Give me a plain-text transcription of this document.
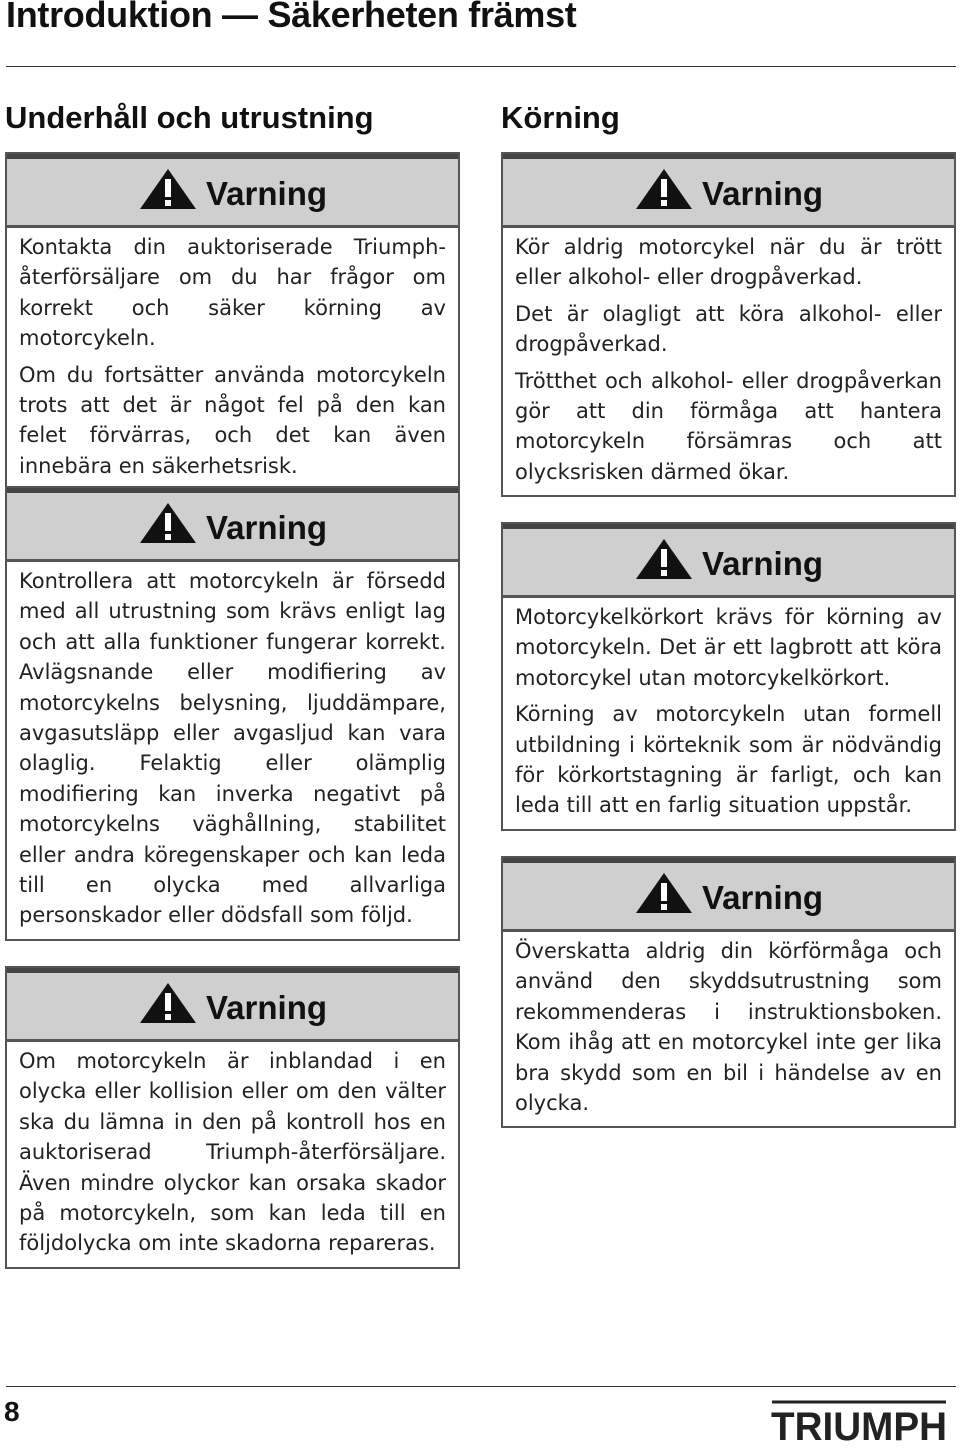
Introduktion — Säkerheten främst
Underhåll och utrustning
Varning

Kontakta din auktoriserade Triumph-återförsäljare om du har frågor om korrekt och säker körning av motorcykeln.

Om du fortsätter använda motorcykeln trots att det är något fel på den kan felet förvärras, och det kan även innebära en säkerhetsrisk.

Varning

Kontrollera att motorcykeln är försedd med all utrustning som krävs enligt lag och att alla funktioner fungerar korrekt. Avlägsnande eller modifiering av motorcykelns belysning, ljuddämpare, avgasutsläpp eller avgasljud kan vara olaglig. Felaktig eller olämplig modifiering kan inverka negativt på motorcykelns väghållning, stabilitet eller andra köregenskaper och kan leda till en olycka med allvarliga personskador eller dödsfall som följd.

Varning

Om motorcykeln är inblandad i en olycka eller kollision eller om den välter ska du lämna in den på kontroll hos en auktoriserad Triumph-återförsäljare. Även mindre olyckor kan orsaka skador på motorcykeln, som kan leda till en följdolycka om inte skadorna repareras.

Körning
Varning

Kör aldrig motorcykel när du är trött eller alkohol- eller drogpåverkad.

Det är olagligt att köra alkohol- eller drogpåverkad.

Trötthet och alkohol- eller drogpåverkan gör att din förmåga att hantera motorcykeln försämras och att olycksrisken därmed ökar.

Varning

Motorcykelkörkort krävs för körning av motorcykeln. Det är ett lagbrott att köra motorcykel utan motorcykelkörkort.

Körning av motorcykeln utan formell utbildning i körteknik som är nödvändig för körkortstagning är farligt, och kan leda till att en farlig situation uppstår.

Varning

Överskatta aldrig din körförmåga och använd den skyddsutrustning som rekommenderas i instruktionsboken. Kom ihåg att en motorcykel inte ger lika bra skydd som en bil i händelse av en olycka.

8	TRIUMPH
